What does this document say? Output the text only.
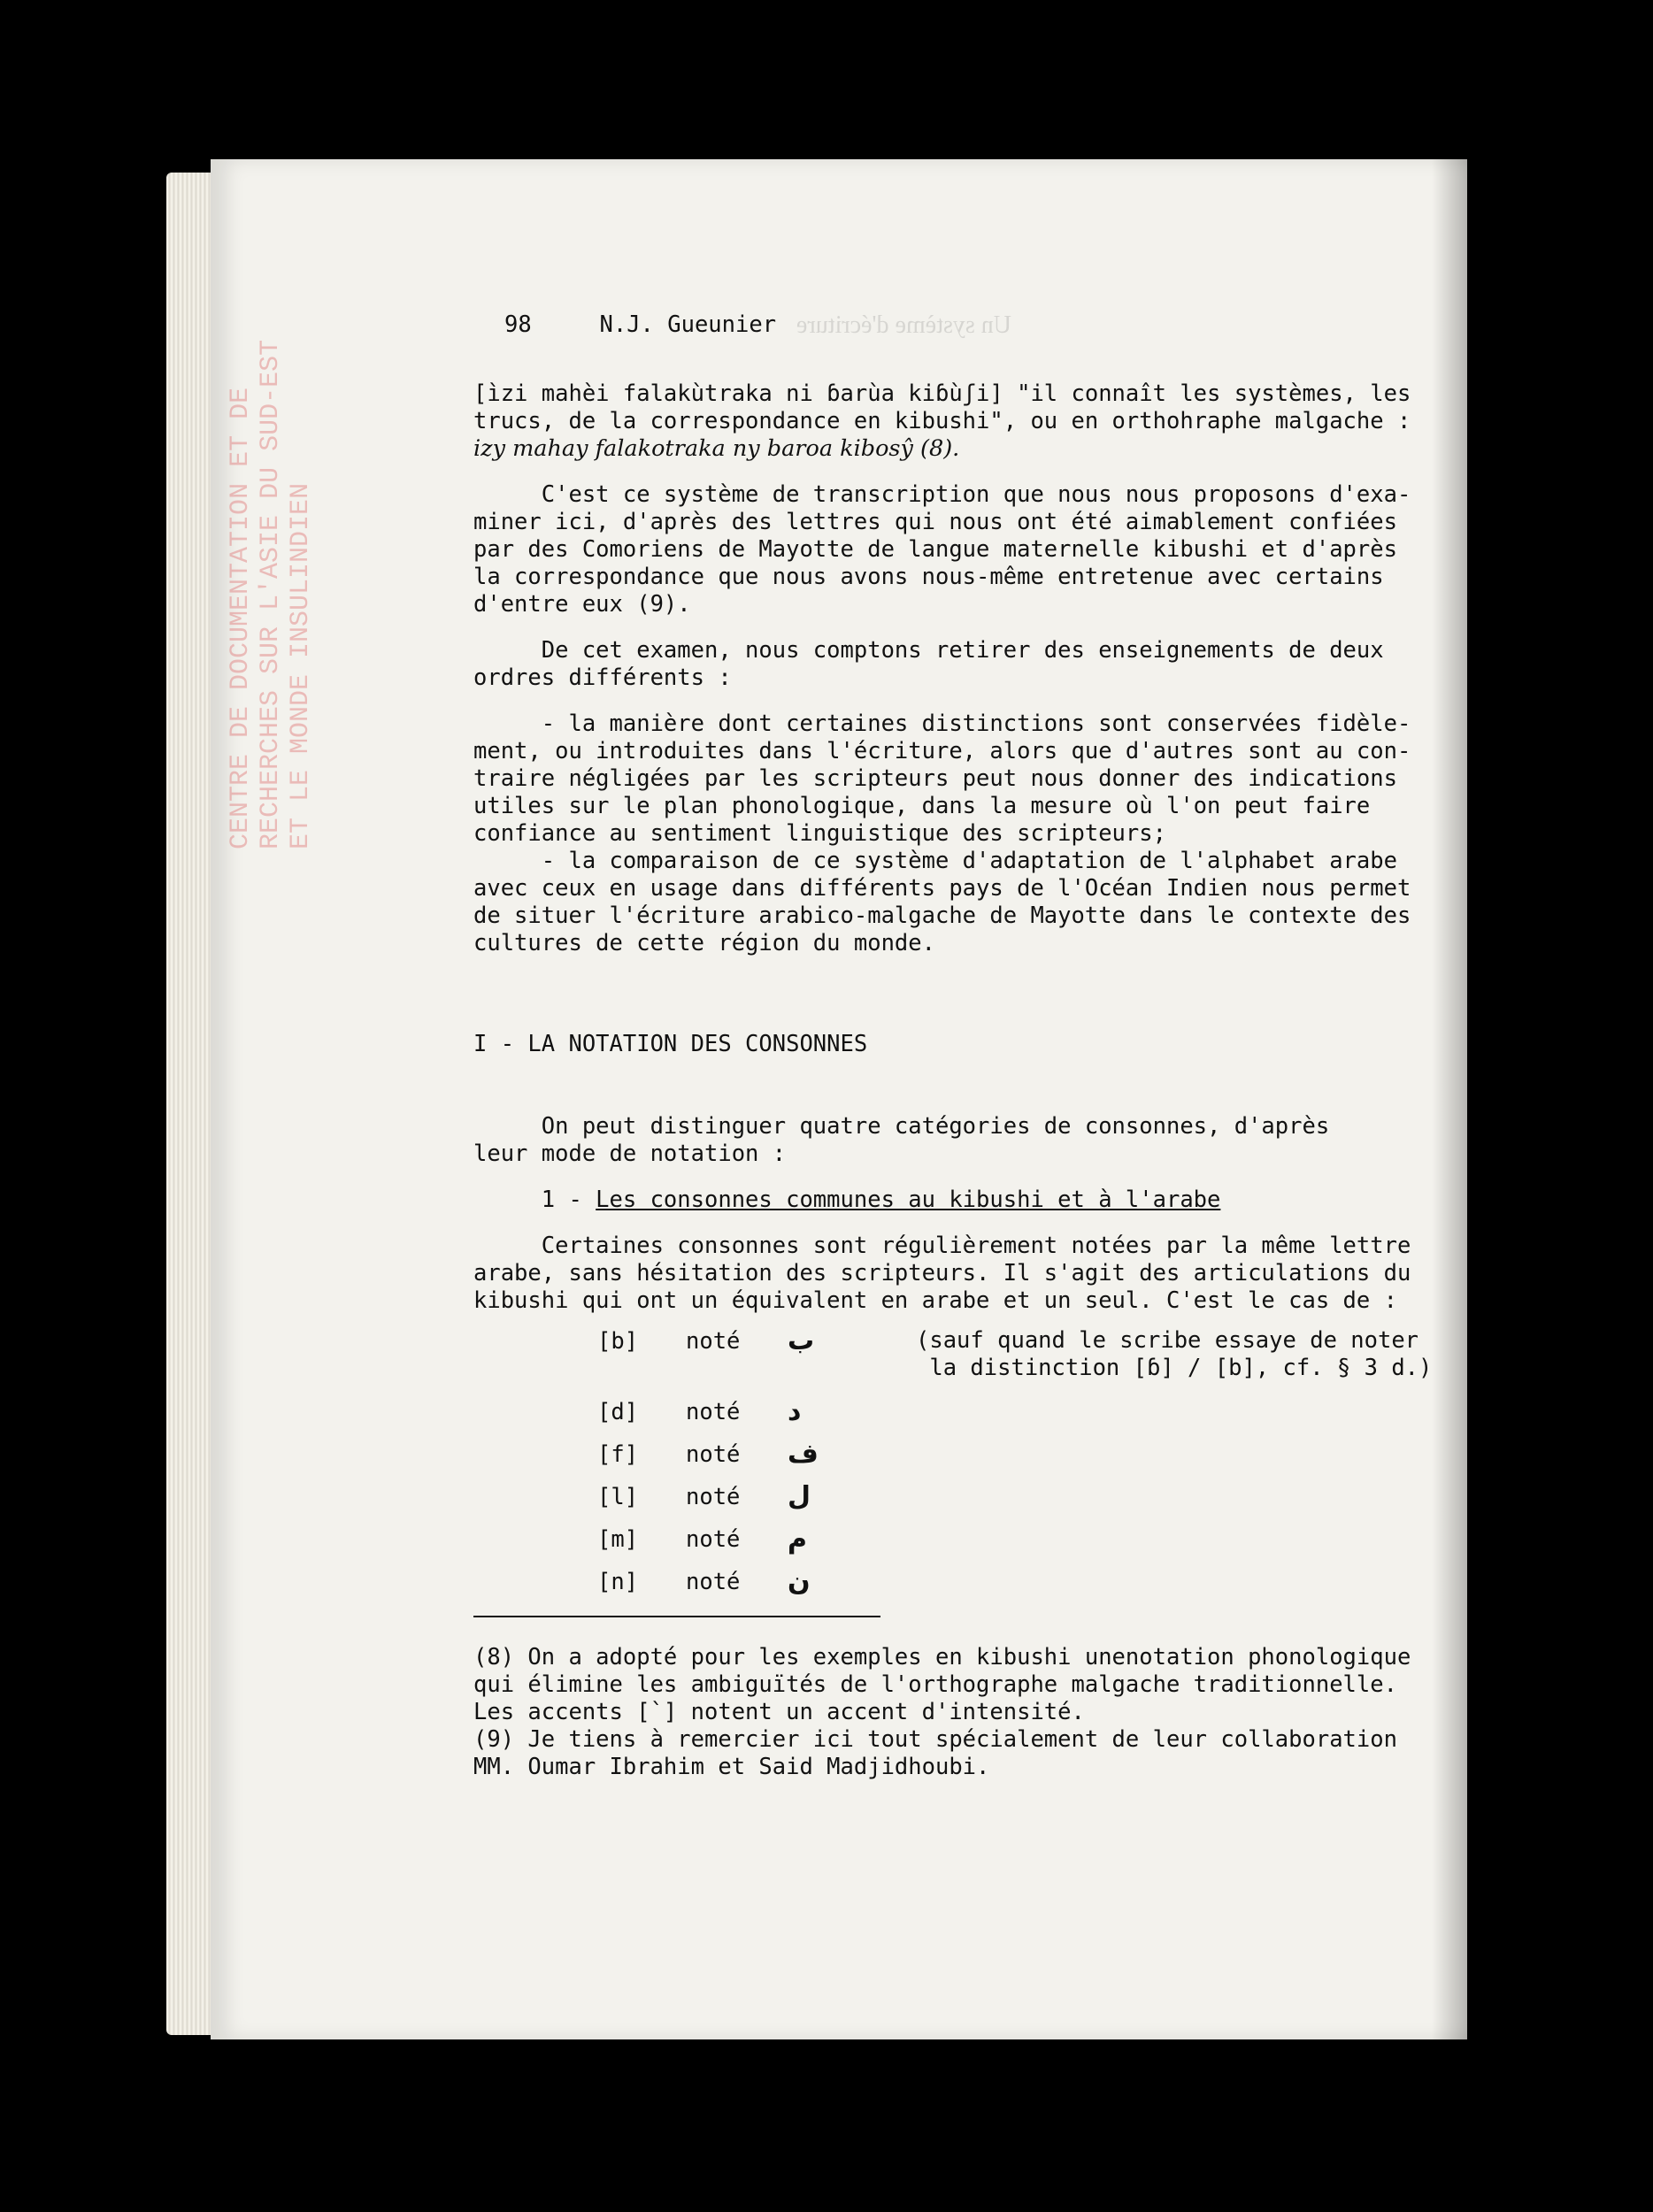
CENTRE DE DOCUMENTATION ET DE RECHERCHES SUR L'ASIE DU SUD-EST ET LE MONDE INSULINDIEN
Un système d'écriture
98	N.J. Gueunier
[ìzi mahèi falakùtraka ni ɓarùa kiɓùʃi] "il connaît les systèmes, les
trucs, de la correspondance en kibushi", ou en orthohraphe malgache :
izy mahay falakotraka ny baroa kibosŷ (8).
C'est ce système de transcription que nous nous proposons d'exa-
miner ici, d'après des lettres qui nous ont été aimablement confiées
par des Comoriens de Mayotte de langue maternelle kibushi et d'après
la correspondance que nous avons nous-même entretenue avec certains
d'entre eux (9).
De cet examen, nous comptons retirer des enseignements de deux
ordres différents :
- la manière dont certaines distinctions sont conservées fidèle-
ment, ou introduites dans l'écriture, alors que d'autres sont au con-
traire négligées par les scripteurs peut nous donner des indications
utiles sur le plan phonologique, dans la mesure où l'on peut faire
confiance au sentiment linguistique des scripteurs;
- la comparaison de ce système d'adaptation de l'alphabet arabe
avec ceux en usage dans différents pays de l'Océan Indien nous permet
de situer l'écriture arabico-malgache de Mayotte dans le contexte des
cultures de cette région du monde.
I - LA NOTATION DES CONSONNES
On peut distinguer quatre catégories de consonnes, d'après
leur mode de notation :
1 - Les consonnes communes au kibushi et à l'arabe
Certaines consonnes sont régulièrement notées par la même lettre
arabe, sans hésitation des scripteurs. Il s'agit des articulations du
kibushi qui ont un équivalent en arabe et un seul. C'est le cas de :
[b] noté ب	(sauf quand le scribe essaye de noter
la distinction [ɓ] / [b], cf. § 3 d.)
[d] noté د
[f] noté ف
[l] noté ل
[m] noté م
[n] noté ن
(8) On a adopté pour les exemples en kibushi unenotation phonologique
qui élimine les ambiguïtés de l'orthographe malgache traditionnelle.
Les accents [`] notent un accent d'intensité.
(9) Je tiens à remercier ici tout spécialement de leur collaboration
MM. Oumar Ibrahim et Said Madjidhoubi.
